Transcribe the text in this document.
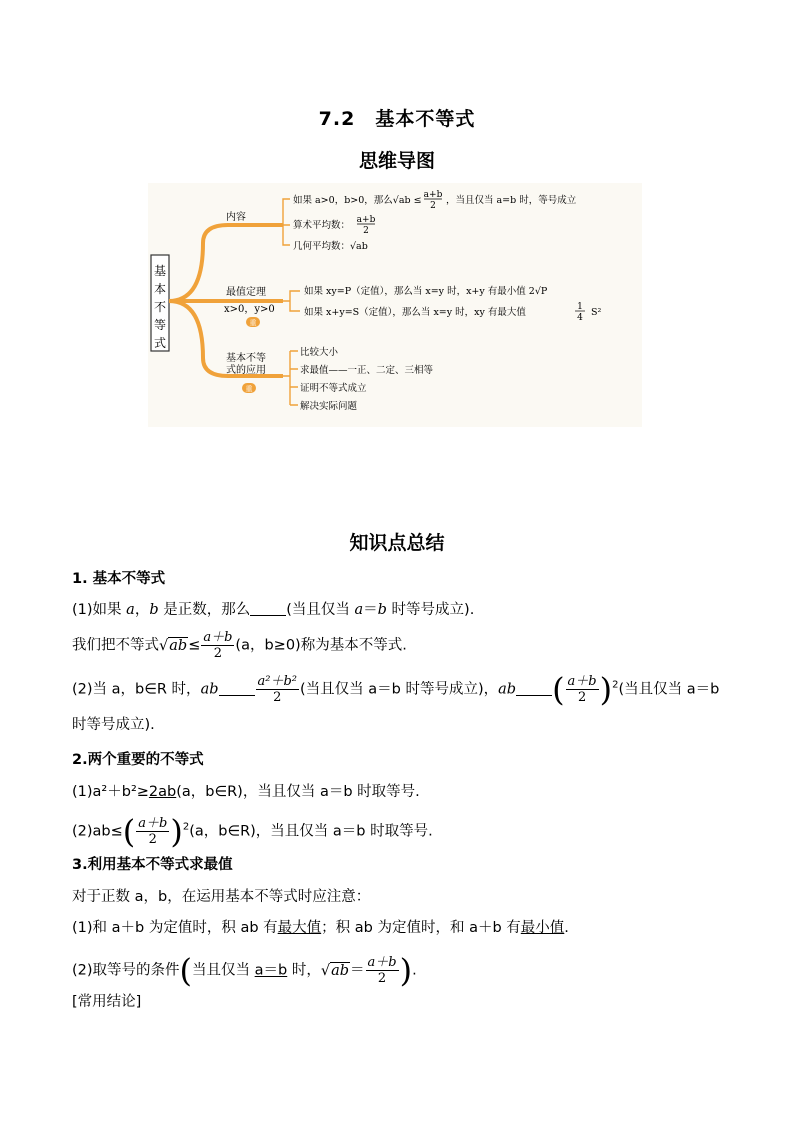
7.2　基本不等式
思维导图
基
本
不
等
式
内容
最值定理
x>0，y>0
重
基本不等
式的应用
重
如果 a>0，b>0，那么√ab ≤ a+b
2 ，当且仅当 a=b 时，等号成立
算术平均数： a+b
2
几何平均数：√ab
如果 xy=P（定值），那么当 x=y 时，x+y 有最小值 2√P
如果 x+y=S（定值），那么当 x=y 时，xy 有最大值	1
4 S²
比较大小
求最值——一正、二定、三相等
证明不等式成立
解决实际问题
知识点总结
1. 基本不等式
(1)如果 a，b 是正数，那么 (当且仅当 a＝b 时等号成立).
我们把不等式$√ab\le \frac{a+b}{2} (a$，b≥0)称为基本不等式.
(2)当 a，b∈R 时，ab	$\frac{\text{a²＋b²}}{2}$ (当且仅当 a＝b 时等号成立)，ab ( $\frac{a+b}{2} )^2$(当且仅当 a＝b
时等号成立).
2.两个重要的不等式
(1)a²＋b²≥2ab(a，b∈R)，当且仅当 a＝b 时取等号.
$(2)ab\le( \frac{a+b}{2} )^2(a$，b∈R)，当且仅当 a＝b 时取等号.
3.利用基本不等式求最值
对于正数 a，b，在运用基本不等式时应注意：
(1)和 a＋b 为定值时，积 ab 有最大值；积 ab 为定值时，和 a＋b 有最小值.
(2)取等号的条件(当且仅当 a＝b 时，$√ab= \frac{a+b}{2}$ ).
[常用结论]
